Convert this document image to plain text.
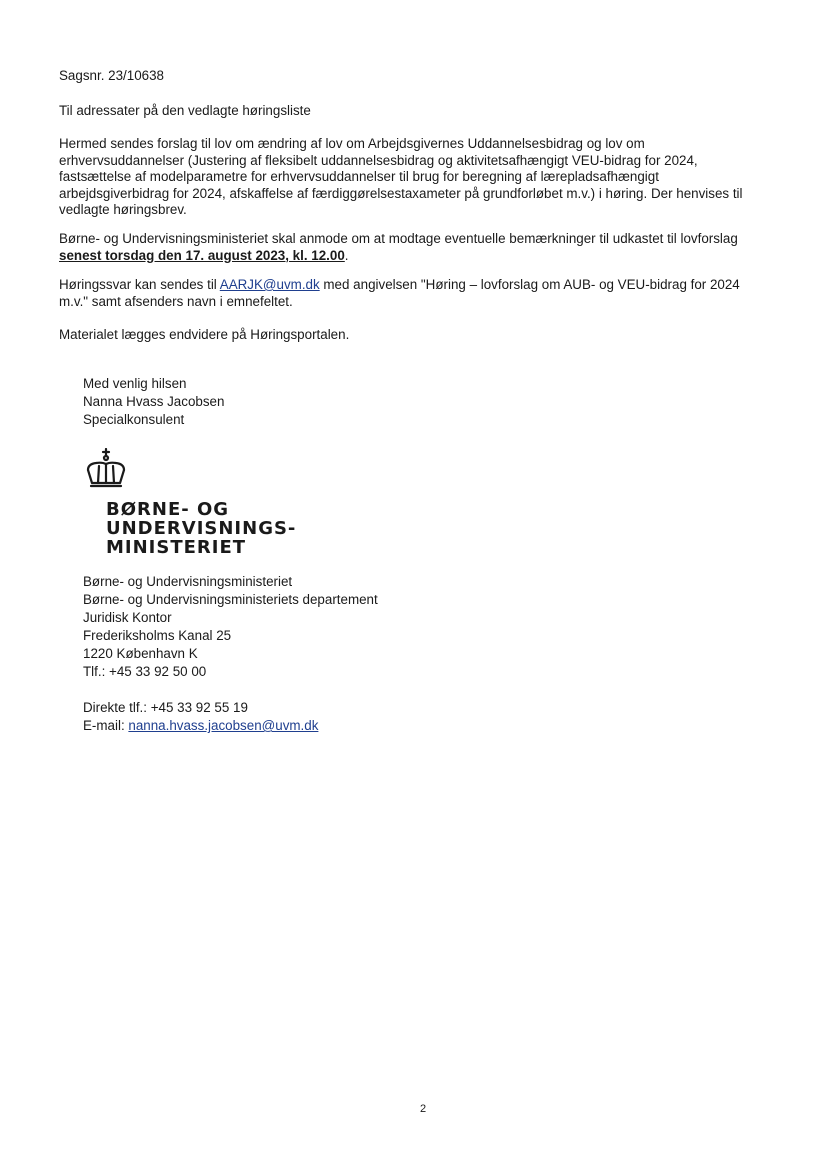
Sagsnr. 23/10638

Til adressater på den vedlagte høringsliste

Hermed sendes forslag til lov om ændring af lov om Arbejdsgivernes Uddannelsesbidrag og lov om
erhvervsuddannelser (Justering af fleksibelt uddannelsesbidrag og aktivitetsafhængigt VEU-bidrag for 2024,
fastsættelse af modelparametre for erhvervsuddannelser til brug for beregning af lærepladsafhængigt
arbejdsgiverbidrag for 2024, afskaffelse af færdiggørelsestaxameter på grundforløbet m.v.) i høring. Der henvises til
vedlagte høringsbrev.
Børne- og Undervisningsministeriet skal anmode om at modtage eventuelle bemærkninger til udkastet til lovforslag
senest torsdag den 17. august 2023, kl. 12.00.
Høringssvar kan sendes til AARJK@uvm.dk med angivelsen "Høring – lovforslag om AUB- og VEU-bidrag for 2024
m.v." samt afsenders navn i emnefeltet.

Materialet lægges endvidere på Høringsportalen.

Med venlig hilsen

Nanna Hvass Jacobsen

Specialkonsulent

BØRNE- OG
UNDERVISNINGS-
MINISTERIET

Børne- og Undervisningsministeriet

Børne- og Undervisningsministeriets departement

Juridisk Kontor

Frederiksholms Kanal 25

1220 København K

Tlf.: +45 33 92 50 00

Direkte tlf.: +45 33 92 55 19

E-mail: nanna.hvass.jacobsen@uvm.dk

2
